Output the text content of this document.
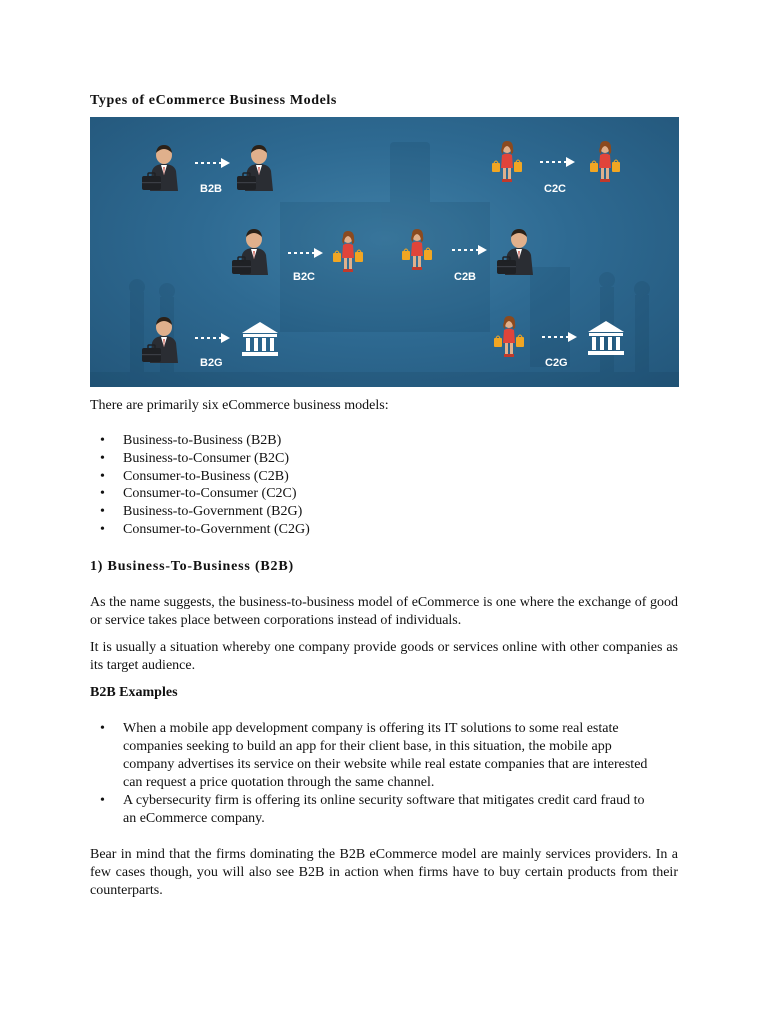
Types of eCommerce Business Models
B2B	C2C
B2C	C2B
B2G	C2G
There are primarily six eCommerce business models:
• Business-to-Business (B2B)
• Business-to-Consumer (B2C)
• Consumer-to-Business (C2B)
• Consumer-to-Consumer (C2C)
• Business-to-Government (B2G)
• Consumer-to-Government (C2G)
1) Business-To-Business (B2B)
As the name suggests, the business-to-business model of eCommerce is one where the exchange of good or service takes place between corporations instead of individuals.
It is usually a situation whereby one company provide goods or services online with other companies as its target audience.
B2B Examples
• When a mobile app development company is offering its IT solutions to some real estate companies seeking to build an app for their client base, in this situation, the mobile app company advertises its service on their website while real estate companies that are interested can request a price quotation through the same channel.
• A cybersecurity firm is offering its online security software that mitigates credit card fraud to an eCommerce company.
Bear in mind that the firms dominating the B2B eCommerce model are mainly services providers. In a few cases though, you will also see B2B in action when firms have to buy certain products from their counterparts.
